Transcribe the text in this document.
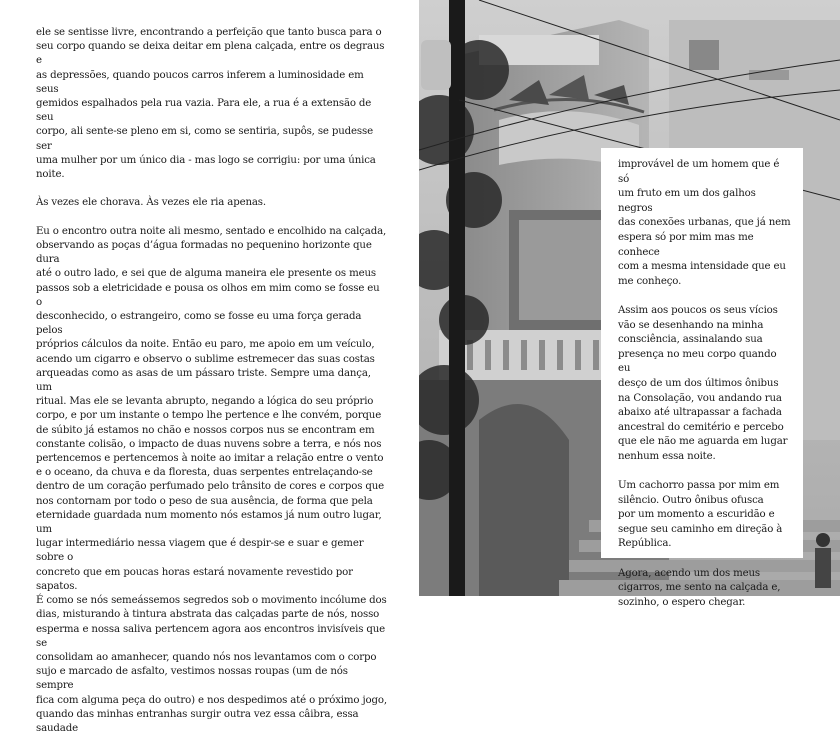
ele se sentisse livre, encontrando a perfeição que tanto busca para o
seu corpo quando se deixa deitar em plena calçada, entre os degraus e
as depressões, quando poucos carros inferem a luminosidade em seus
gemidos espalhados pela rua vazia. Para ele, a rua é a extensão de seu
corpo, ali sente-se pleno em si, como se sentiria, supôs, se pudesse ser
uma mulher por um único dia - mas logo se corrigiu: por uma única
noite.

Às vezes ele chorava. Às vezes ele ria apenas.

Eu o encontro outra noite ali mesmo, sentado e encolhido na calçada,
observando as poças d’água formadas no pequenino horizonte que dura
até o outro lado, e sei que de alguma maneira ele presente os meus
passos sob a eletricidade e pousa os olhos em mim como se fosse eu o
desconhecido, o estrangeiro, como se fosse eu uma força gerada pelos
próprios cálculos da noite. Então eu paro, me apoio em um veículo,
acendo um cigarro e observo o sublime estremecer das suas costas
arqueadas como as asas de um pássaro triste. Sempre uma dança, um
ritual. Mas ele se levanta abrupto, negando a lógica do seu próprio
corpo, e por um instante o tempo lhe pertence e lhe convém, porque
de súbito já estamos no chão e nossos corpos nus se encontram em
constante colisão, o impacto de duas nuvens sobre a terra, e nós nos
pertencemos e pertencemos à noite ao imitar a relação entre o vento
e o oceano, da chuva e da floresta, duas serpentes entrelaçando-se
dentro de um coração perfumado pelo trânsito de cores e corpos que
nos contornam por todo o peso de sua ausência, de forma que pela
eternidade guardada num momento nós estamos já num outro lugar, um
lugar intermediário nessa viagem que é despir-se e suar e gemer sobre o
concreto que em poucas horas estará novamente revestido por sapatos.
É como se nós semeássemos segredos sob o movimento incólume dos
dias, misturando à tintura abstrata das calçadas parte de nós, nosso
esperma e nossa saliva pertencem agora aos encontros invisíveis que se
consolidam ao amanhecer, quando nós nos levantamos com o corpo
sujo e marcado de asfalto, vestimos nossas roupas (um de nós sempre
fica com alguma peça do outro) e nos despedimos até o próximo jogo,
quando das minhas entranhas surgir outra vez essa câibra, essa saudade

improvável de um homem que é só
um fruto em um dos galhos negros
das conexões urbanas, que já nem
espera só por mim mas me conhece
com a mesma intensidade que eu
me conheço.

Assim aos poucos os seus vícios
vão se desenhando na minha
consciência, assinalando sua
presença no meu corpo quando eu
desço de um dos últimos ônibus
na Consolação, vou andando rua
abaixo até ultrapassar a fachada
ancestral do cemitério e percebo
que ele não me aguarda em lugar
nenhum essa noite.

Um cachorro passa por mim em
silêncio. Outro ônibus ofusca
por um momento a escuridão e
segue seu caminho em direção à
República.

Agora, acendo um dos meus
cigarros, me sento na calçada e,
sozinho, o espero chegar.
